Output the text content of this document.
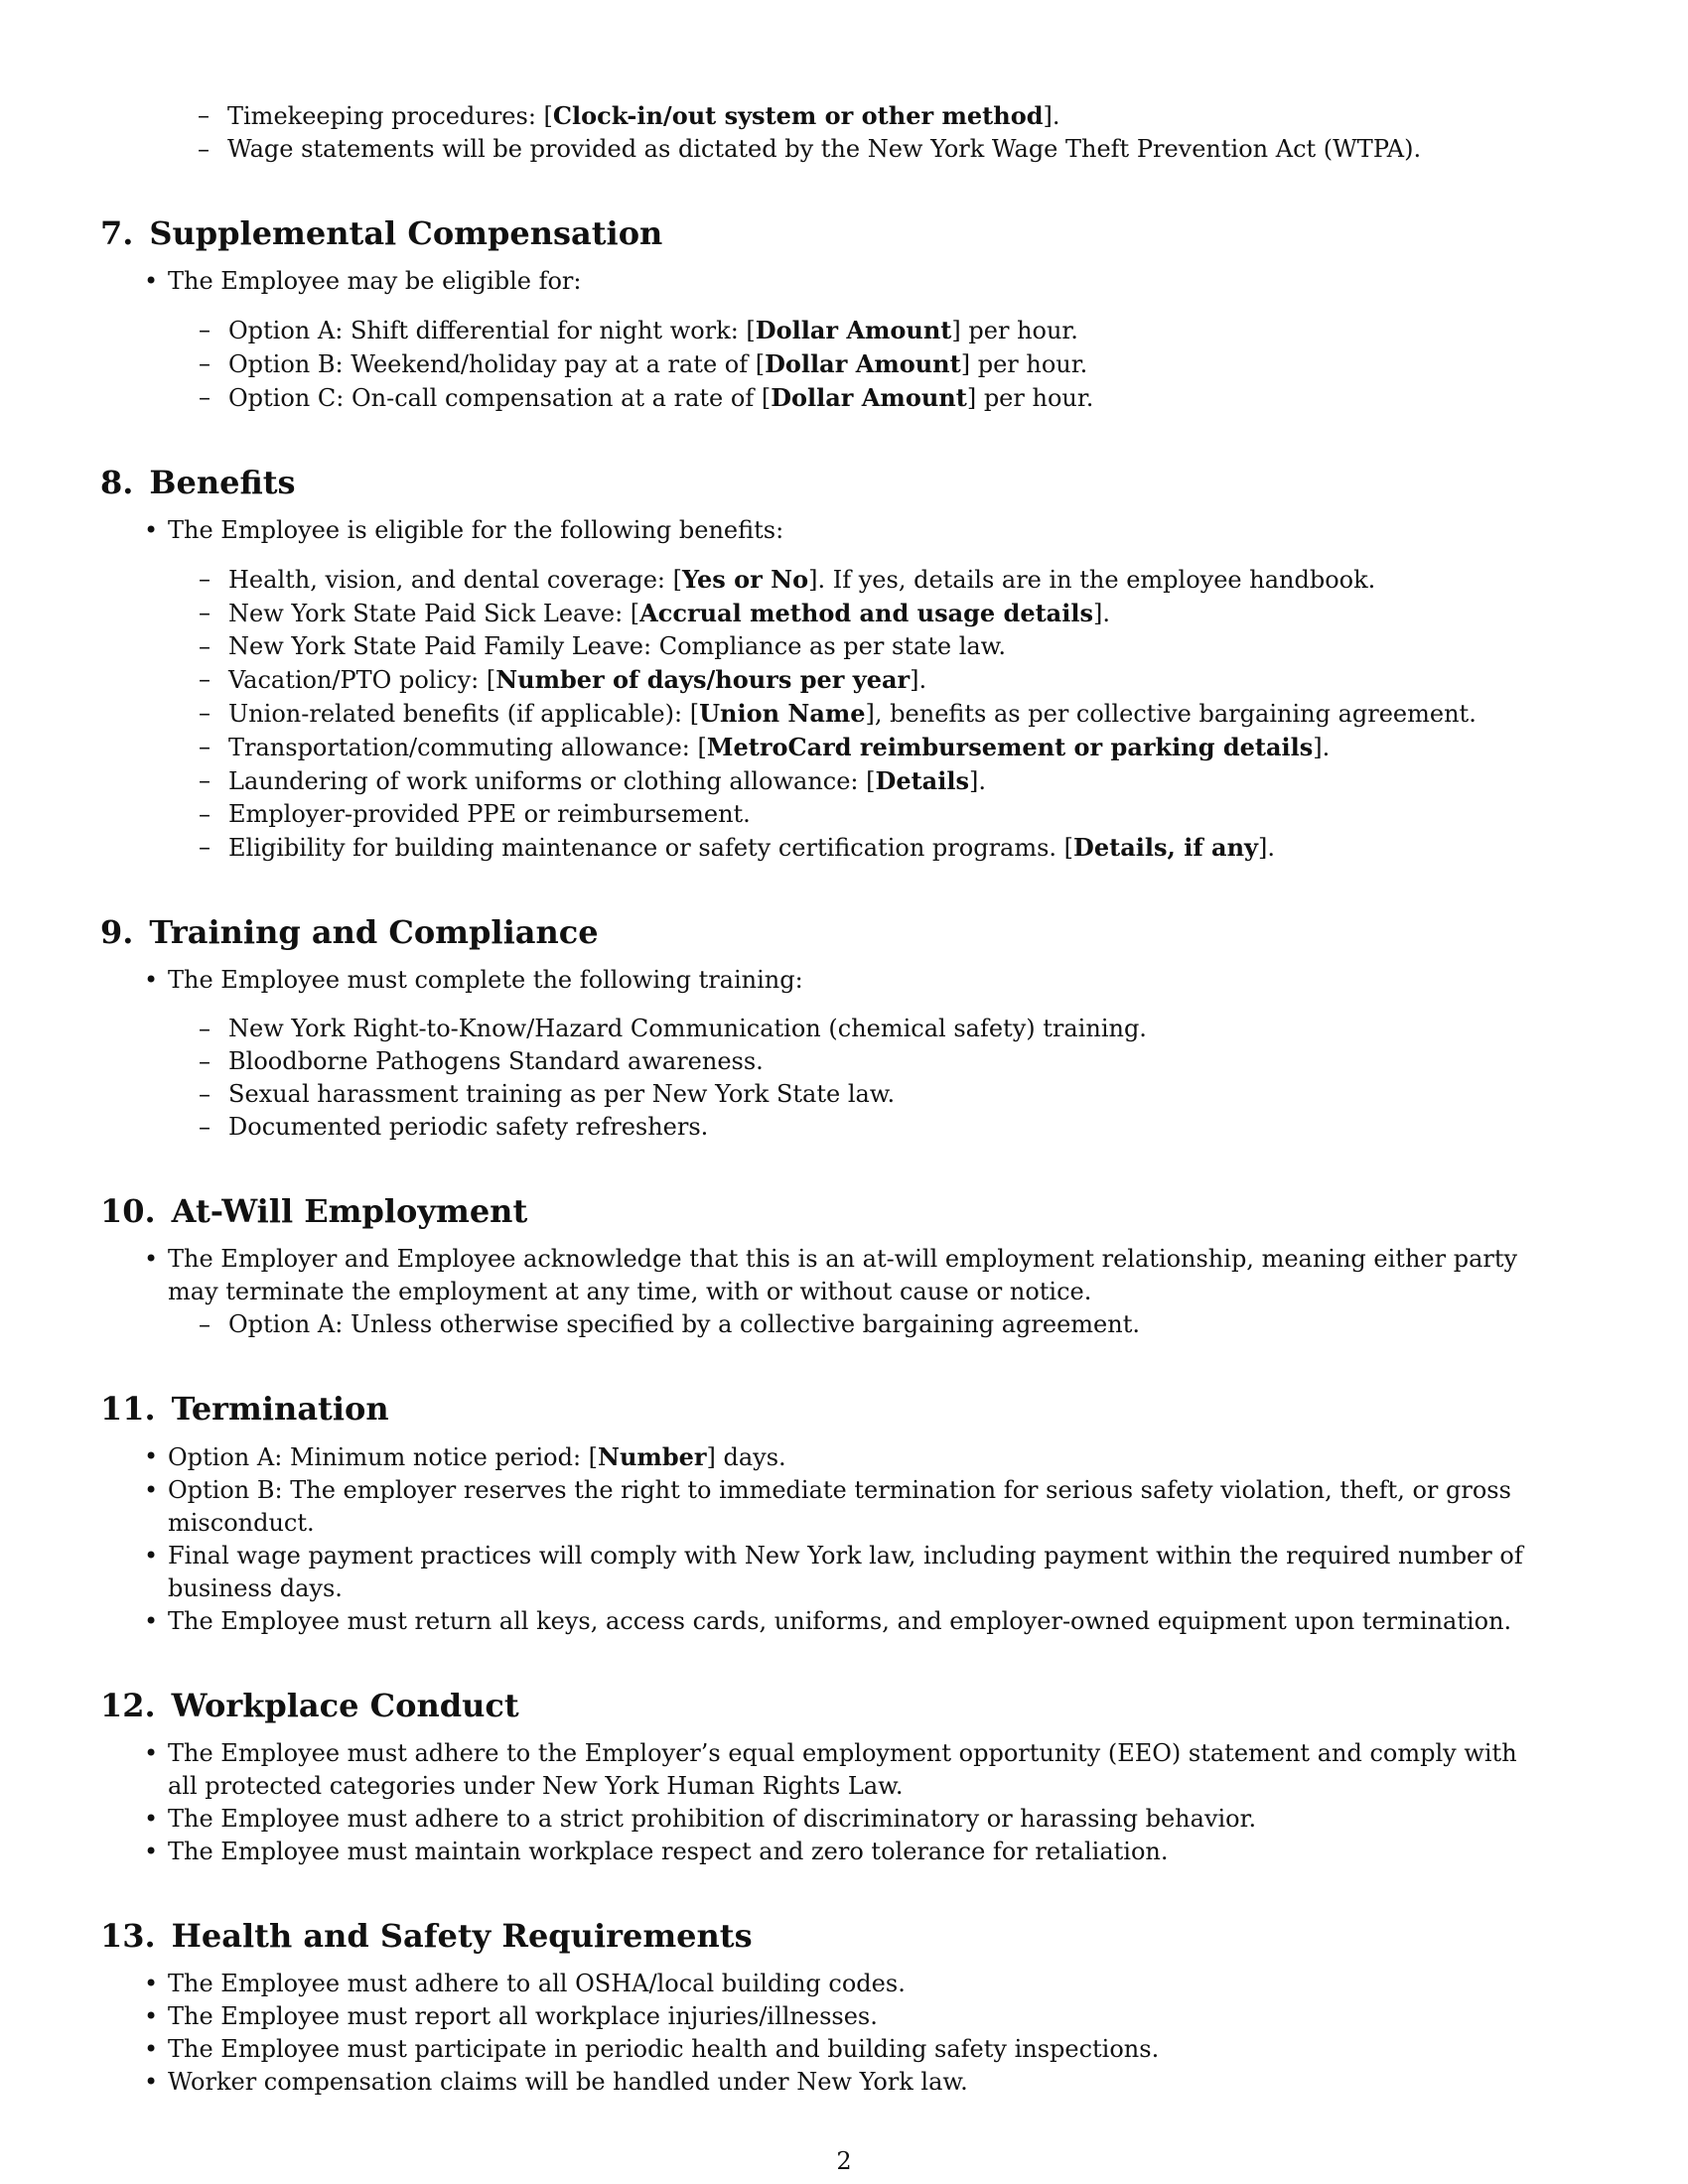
– Timekeeping procedures: [Clock-in/out system or other method].
– Wage statements will be provided as dictated by the New York Wage Theft Prevention Act (WTPA).
7. Supplemental Compensation
• The Employee may be eligible for:
– Option A: Shift differential for night work: [Dollar Amount] per hour.
– Option B: Weekend/holiday pay at a rate of [Dollar Amount] per hour.
– Option C: On-call compensation at a rate of [Dollar Amount] per hour.
8. Benefits
• The Employee is eligible for the following benefits:
– Health, vision, and dental coverage: [Yes or No]. If yes, details are in the employee handbook.
– New York State Paid Sick Leave: [Accrual method and usage details].
– New York State Paid Family Leave: Compliance as per state law.
– Vacation/PTO policy: [Number of days/hours per year].
– Union-related benefits (if applicable): [Union Name], benefits as per collective bargaining agreement.
– Transportation/commuting allowance: [MetroCard reimbursement or parking details].
– Laundering of work uniforms or clothing allowance: [Details].
– Employer-provided PPE or reimbursement.
– Eligibility for building maintenance or safety certification programs. [Details, if any].
9. Training and Compliance
• The Employee must complete the following training:
– New York Right-to-Know/Hazard Communication (chemical safety) training.
– Bloodborne Pathogens Standard awareness.
– Sexual harassment training as per New York State law.
– Documented periodic safety refreshers.
10. At-Will Employment
• The Employer and Employee acknowledge that this is an at-will employment relationship, meaning either party may terminate the employment at any time, with or without cause or notice.
– Option A: Unless otherwise specified by a collective bargaining agreement.
11. Termination
• Option A: Minimum notice period: [Number] days.
• Option B: The employer reserves the right to immediate termination for serious safety violation, theft, or gross misconduct.
• Final wage payment practices will comply with New York law, including payment within the required number of business days.
• The Employee must return all keys, access cards, uniforms, and employer-owned equipment upon termination.
12. Workplace Conduct
• The Employee must adhere to the Employer’s equal employment opportunity (EEO) statement and comply with all protected categories under New York Human Rights Law.
• The Employee must adhere to a strict prohibition of discriminatory or harassing behavior.
• The Employee must maintain workplace respect and zero tolerance for retaliation.
13. Health and Safety Requirements
• The Employee must adhere to all OSHA/local building codes.
• The Employee must report all workplace injuries/illnesses.
• The Employee must participate in periodic health and building safety inspections.
• Worker compensation claims will be handled under New York law.
2
